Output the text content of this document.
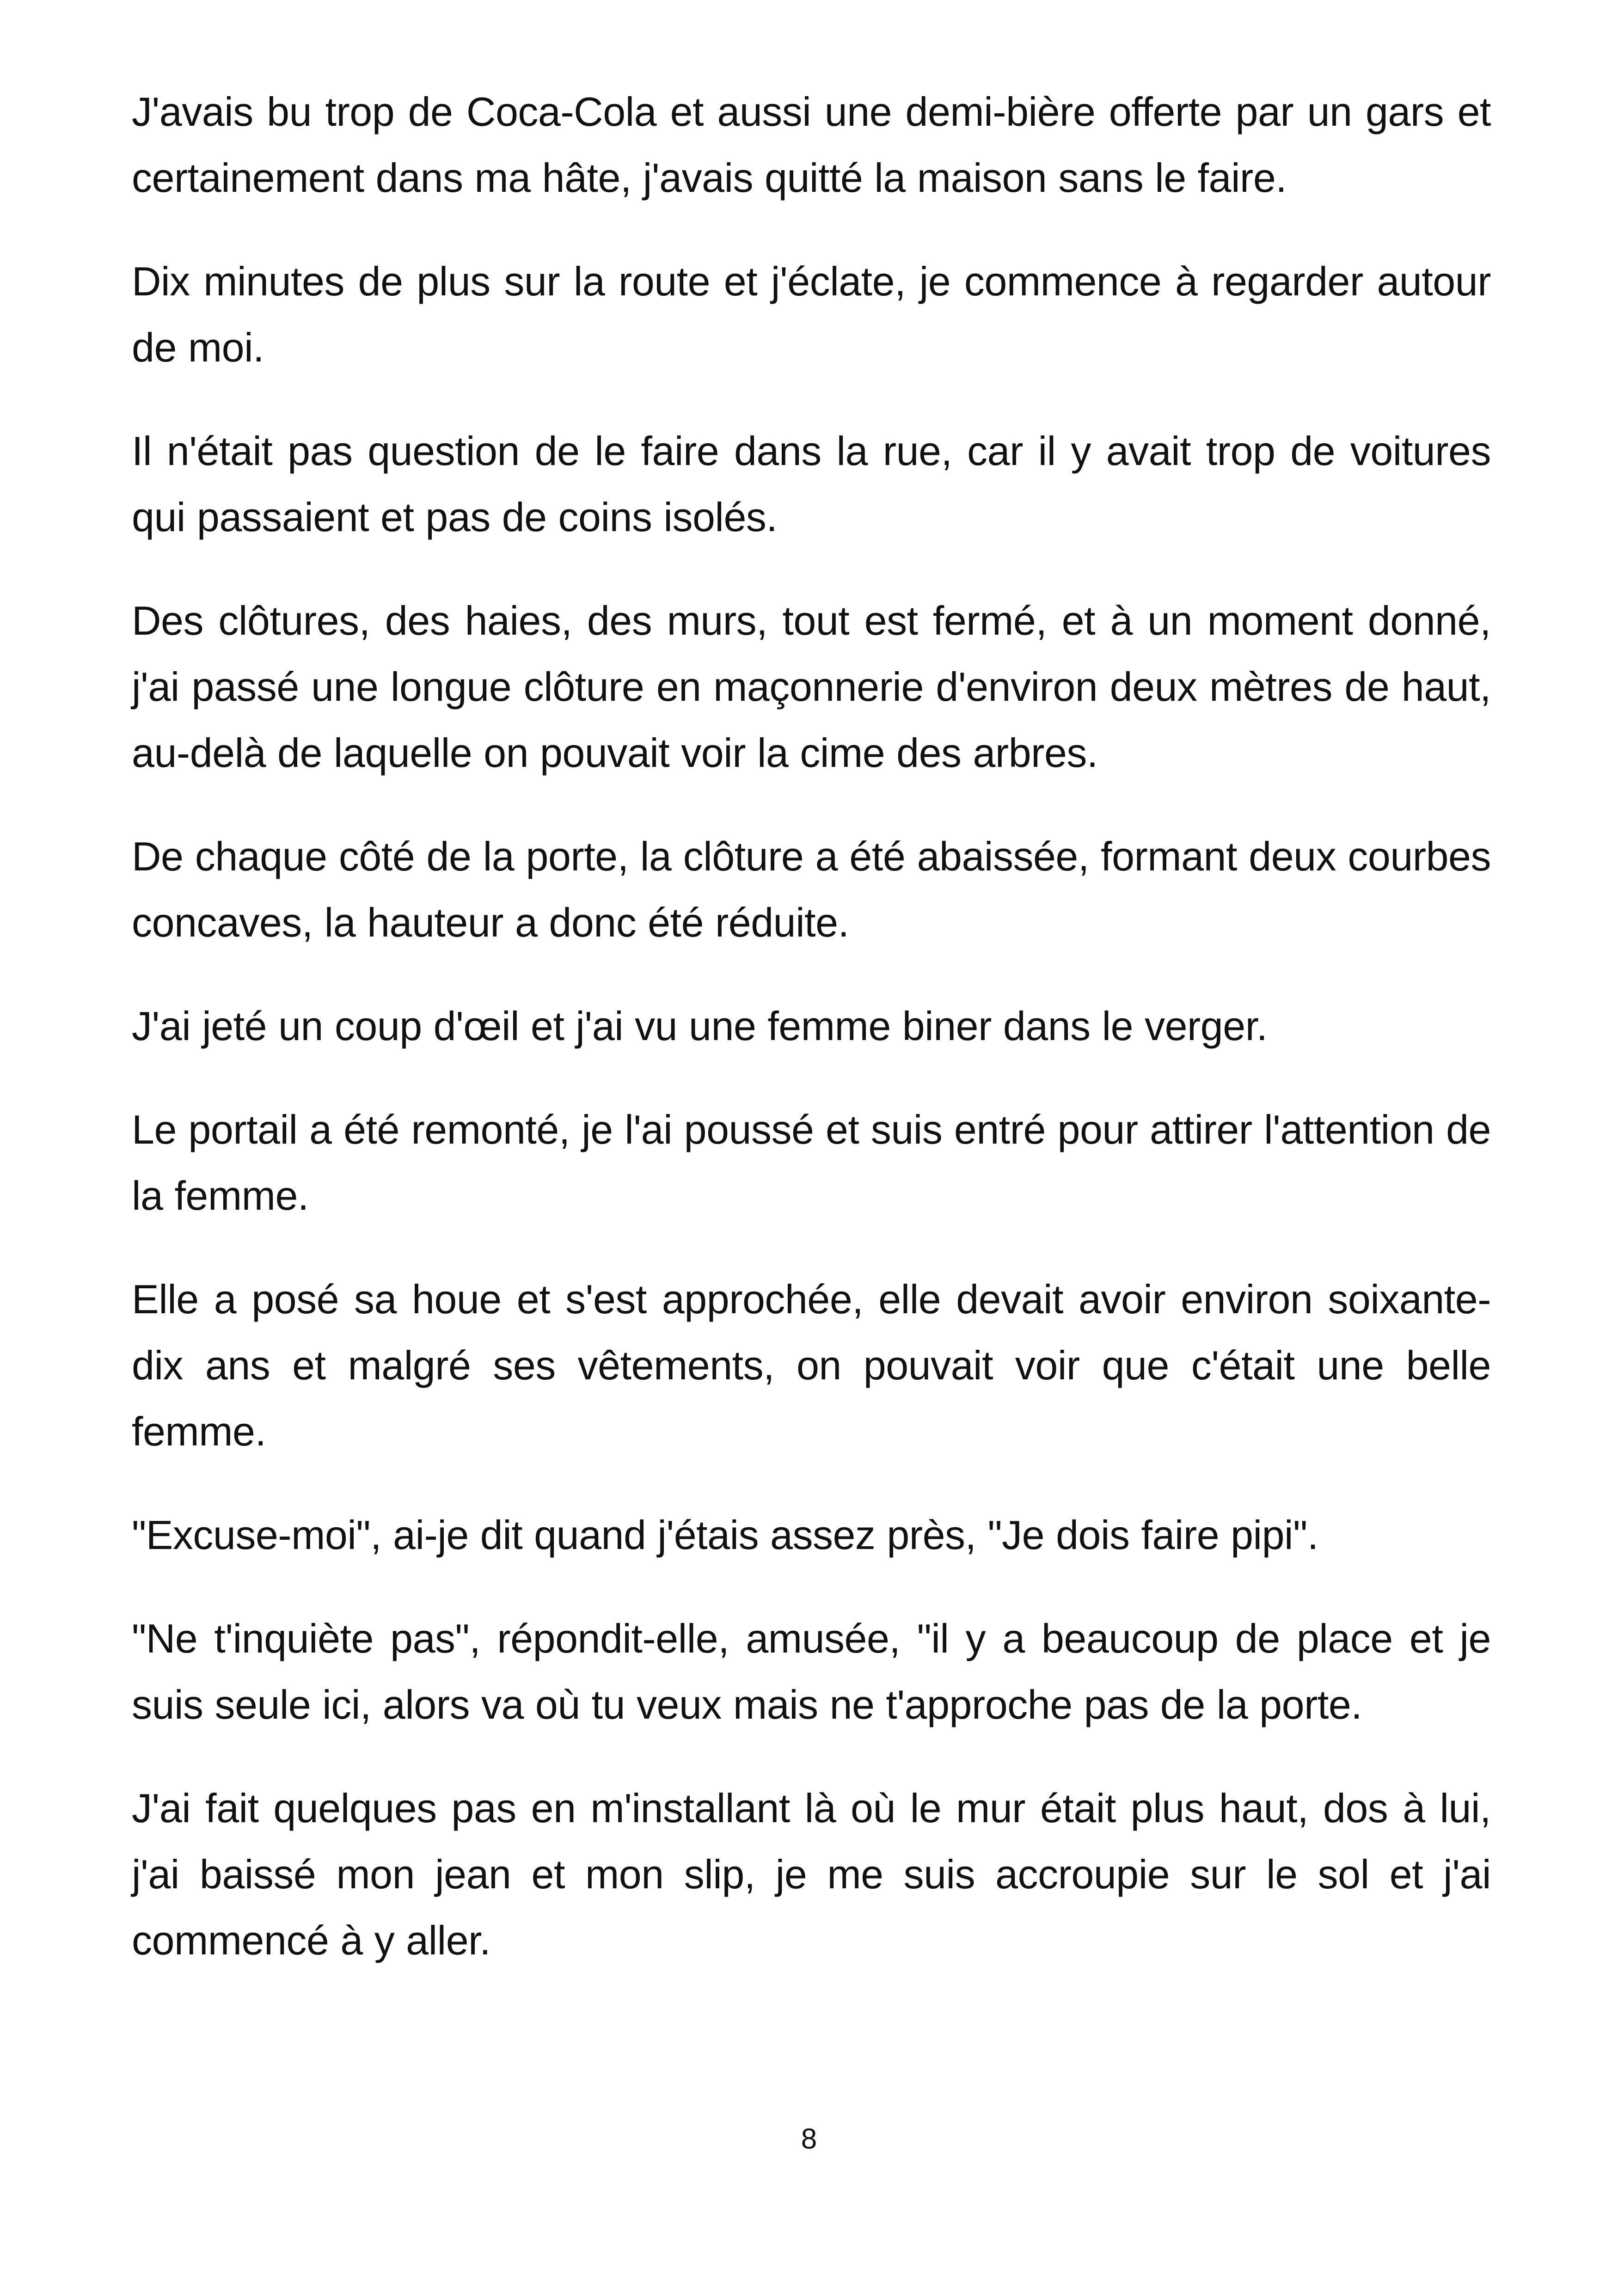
J'avais bu trop de Coca-Cola et aussi une demi-bière offerte par un gars et certainement dans ma hâte, j'avais quitté la maison sans le faire.

Dix minutes de plus sur la route et j'éclate, je commence à regarder autour de moi.

Il n'était pas question de le faire dans la rue, car il y avait trop de voitures qui passaient et pas de coins isolés.

Des clôtures, des haies, des murs, tout est fermé, et à un moment donné, j'ai passé une longue clôture en maçonnerie d'environ deux mètres de haut, au-delà de laquelle on pouvait voir la cime des arbres.

De chaque côté de la porte, la clôture a été abaissée, formant deux courbes concaves, la hauteur a donc été réduite.

J'ai jeté un coup d'œil et j'ai vu une femme biner dans le verger.

Le portail a été remonté, je l'ai poussé et suis entré pour attirer l'attention de la femme.

Elle a posé sa houe et s'est approchée, elle devait avoir environ soixante-dix ans et malgré ses vêtements, on pouvait voir que c'était une belle femme.

"Excuse-moi", ai-je dit quand j'étais assez près, "Je dois faire pipi".

"Ne t'inquiète pas", répondit-elle, amusée, "il y a beaucoup de place et je suis seule ici, alors va où tu veux mais ne t'approche pas de la porte.

J'ai fait quelques pas en m'installant là où le mur était plus haut, dos à lui, j'ai baissé mon jean et mon slip, je me suis accroupie sur le sol et j'ai commencé à y aller.

8
